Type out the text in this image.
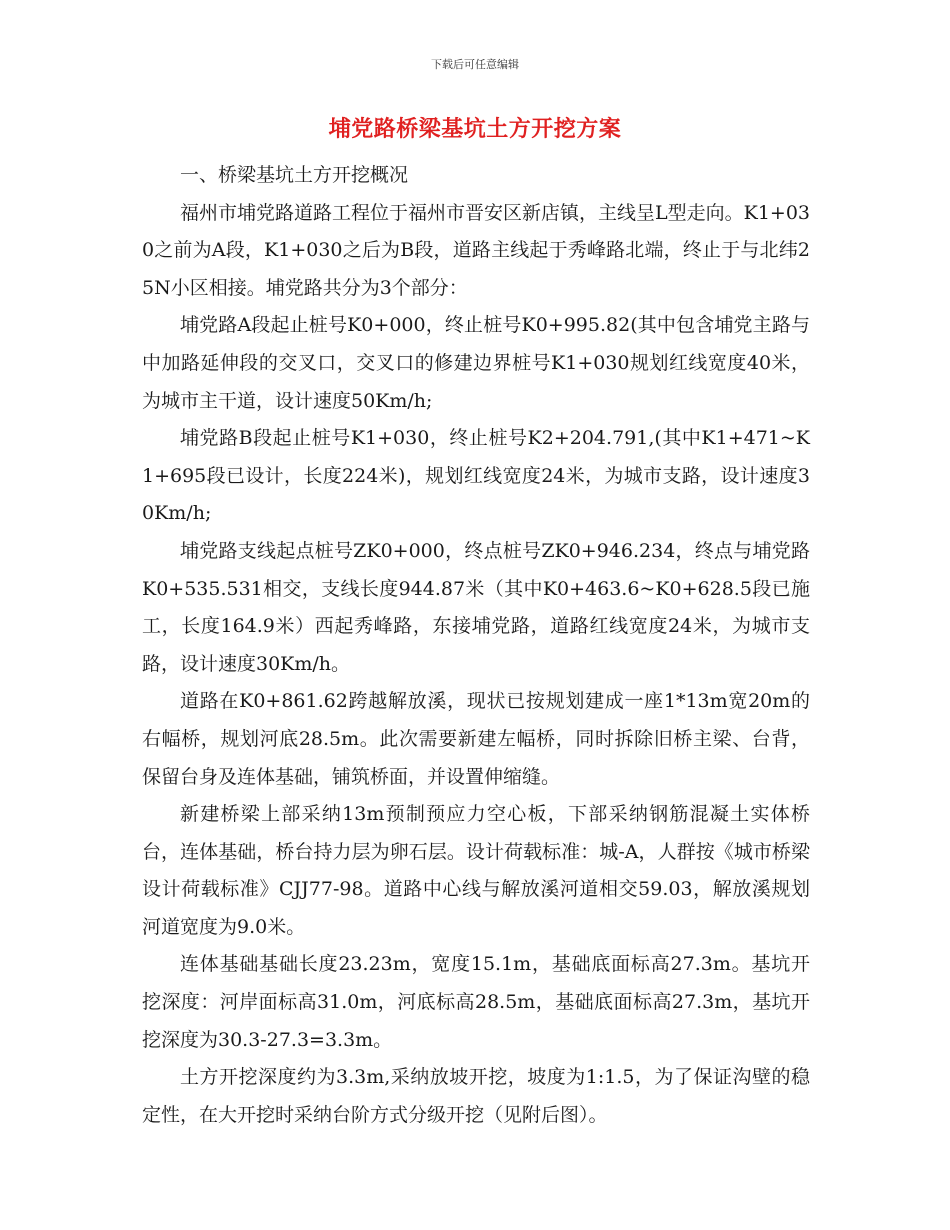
下载后可任意编辑
埔党路桥梁基坑土方开挖方案

一、桥梁基坑土方开挖概况

福州市埔党路道路工程位于福州市晋安区新店镇，主线呈L型走向。K1+030之前为A段，K1+030之后为B段，道路主线起于秀峰路北端，终止于与北纬25N小区相接。埔党路共分为3个部分：

埔党路A段起止桩号K0+000，终止桩号K0+995.82(其中包含埔党主路与中加路延伸段的交叉口，交叉口的修建边界桩号K1+030规划红线宽度40米，为城市主干道，设计速度50Km/h;

埔党路B段起止桩号K1+030，终止桩号K2+204.791,(其中K1+471~K1+695段已设计，长度224米)，规划红线宽度24米，为城市支路，设计速度30Km/h;

埔党路支线起点桩号ZK0+000，终点桩号ZK0+946.234，终点与埔党路K0+535.531相交，支线长度944.87米（其中K0+463.6~K0+628.5段已施工，长度164.9米）西起秀峰路，东接埔党路，道路红线宽度24米，为城市支路，设计速度30Km/h。

道路在K0+861.62跨越解放溪，现状已按规划建成一座1*13m宽20m的右幅桥，规划河底28.5m。此次需要新建左幅桥，同时拆除旧桥主梁、台背，保留台身及连体基础，铺筑桥面，并设置伸缩缝。

新建桥梁上部采纳13m预制预应力空心板，下部采纳钢筋混凝土实体桥台，连体基础，桥台持力层为卵石层。设计荷载标准：城-A，人群按《城市桥梁设计荷载标准》CJJ77-98。道路中心线与解放溪河道相交59.03，解放溪规划河道宽度为9.0米。

连体基础基础长度23.23m，宽度15.1m，基础底面标高27.3m。基坑开挖深度：河岸面标高31.0m，河底标高28.5m，基础底面标高27.3m，基坑开挖深度为30.3-27.3=3.3m。

土方开挖深度约为3.3m,采纳放坡开挖，坡度为1:1.5，为了保证沟壁的稳定性，在大开挖时采纳台阶方式分级开挖（见附后图）。
